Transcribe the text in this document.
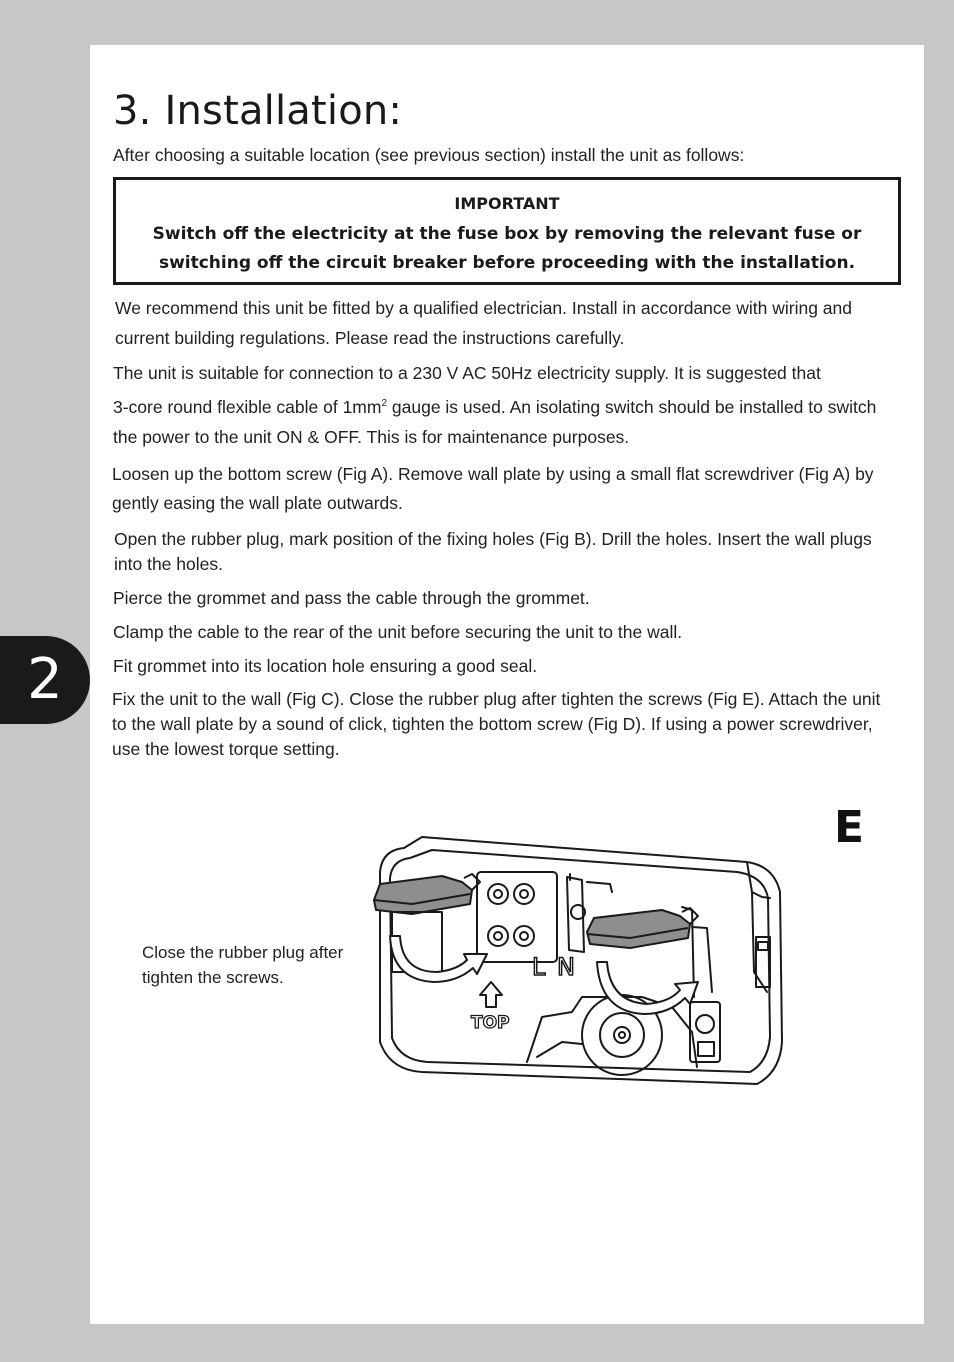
2
3. Installation:

After choosing a suitable location (see previous section) install the unit as follows:

IMPORTANT
Switch off the electricity at the fuse box by removing the relevant fuse or
switching off the circuit breaker before proceeding with the installation.

We recommend this unit be fitted by a qualified electrician. Install in accordance with wiring and

current building regulations. Please read the instructions carefully.

The unit is suitable for connection to a 230 V AC 50Hz electricity supply. It is suggested that

3-core round flexible cable of $1mm^2$ gauge is used. An isolating switch should be installed to switch

the power to the unit ON & OFF. This is for maintenance purposes.

Loosen up the bottom screw (Fig A). Remove wall plate by using a small flat screwdriver (Fig A) by

gently easing the wall plate outwards.

Open the rubber plug, mark position of the fixing holes (Fig B). Drill the holes. Insert the wall plugs

into the holes.

Pierce the grommet and pass the cable through the grommet.

Clamp the cable to the rear of the unit before securing the unit to the wall.

Fit grommet into its location hole ensuring a good seal.

Fix the unit to the wall (Fig C). Close the rubber plug after tighten the screws (Fig E). Attach the unit

to the wall plate by a sound of click, tighten the bottom screw (Fig D). If using a power screwdriver,

use the lowest torque setting.

E
Close the rubber plug after
tighten the screws.	L N
TOP
